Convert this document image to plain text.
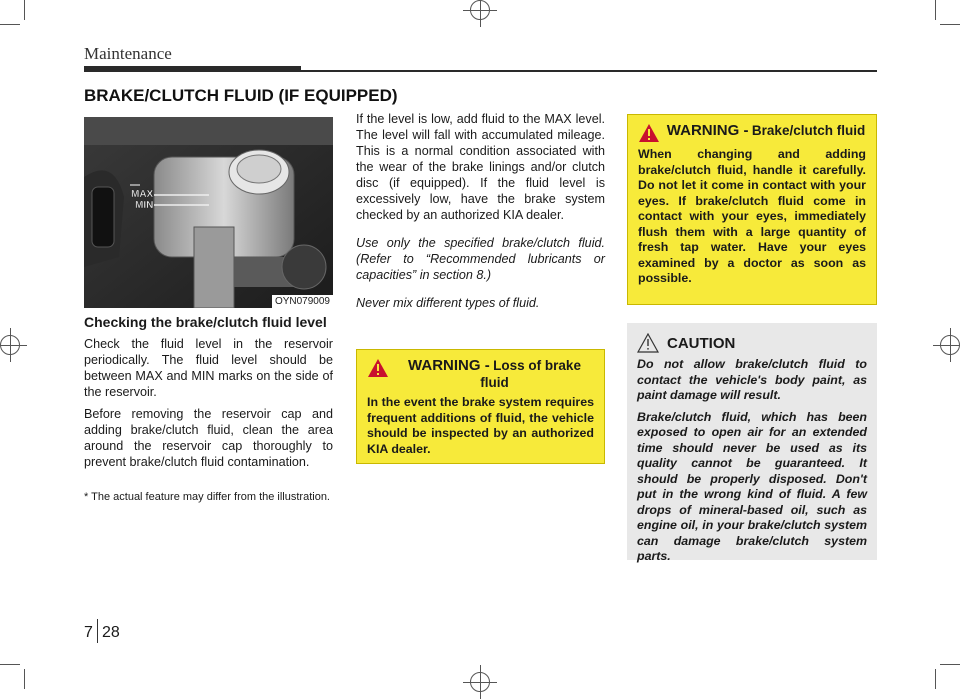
Maintenance
BRAKE/CLUTCH FLUID (IF EQUIPPED)
MAX
MIN
OYN079009
Checking the brake/clutch fluid level

Check the fluid level in the reservoir periodically. The fluid level should be between MAX and MIN marks on the side of the reservoir.

Before removing the reservoir cap and adding brake/clutch fluid, clean the area around the reservoir cap thoroughly to prevent brake/clutch fluid contamination.

* The actual feature may differ from the illustration.

If the level is low, add fluid to the MAX level. The level will fall with accumulated mileage. This is a normal condition associated with the wear of the brake linings and/or clutch disc (if equipped). If the fluid level is excessively low, have the brake system checked by an authorized KIA dealer.

Use only the specified brake/clutch fluid. (Refer to “Recommended lubricants or capacities” in section 8.)

Never mix different types of fluid.

WARNING - Loss of brake fluid
In the event the brake system requires frequent additions of fluid, the vehicle should be inspected by an authorized KIA dealer.
WARNING - Brake/clutch fluid
When changing and adding brake/clutch fluid, handle it carefully. Do not let it come in contact with your eyes. If brake/clutch fluid come in contact with your eyes, immediately flush them with a large quantity of fresh tap water. Have your eyes examined by a doctor as soon as possible.
CAUTION

Do not allow brake/clutch fluid to contact the vehicle's body paint, as paint damage will result.

Brake/clutch fluid, which has been exposed to open air for an extended time should never be used as its quality cannot be guaranteed. It should be properly disposed. Don't put in the wrong kind of fluid. A few drops of mineral-based oil, such as engine oil, in your brake/clutch system can damage brake/clutch system parts.

7 28
